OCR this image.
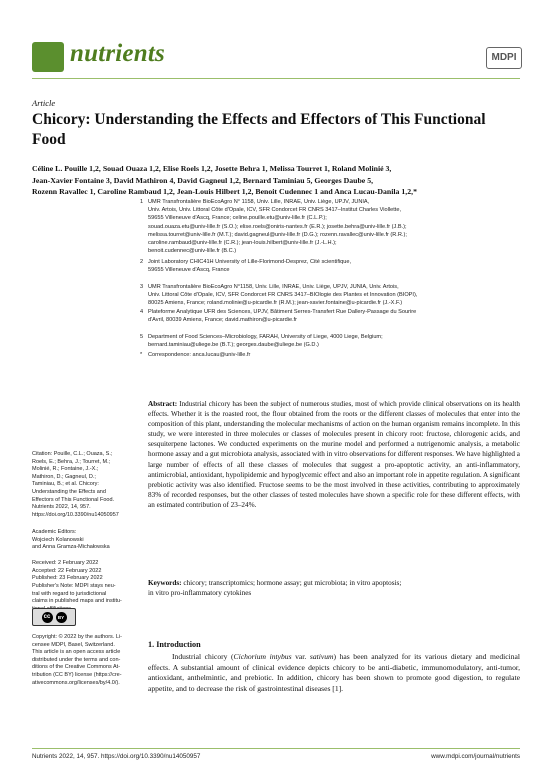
nutrients	MDPI
Article
Chicory: Understanding the Effects and Effectors of This Functional Food
Céline L. Pouille 1,2, Souad Ouaza 1,2, Elise Roels 1,2, Josette Behra 1, Melissa Tourret 1, Roland Molinié 3,
Jean-Xavier Fontaine 3, David Mathiron 4, David Gagneul 1,2, Bernard Taminiau 5, Georges Daube 5,
Rozenn Ravallec 1, Caroline Rambaud 1,2, Jean-Louis Hilbert 1,2, Benoit Cudennec 1 and Anca Lucau-Danila 1,2,*
1 UMR Transfrontalière BioEcoAgro N° 1158, Univ. Lille, INRAE, Univ. Liège, UPJV, JUNIA,
Univ. Artois, Univ. Littoral Côte d'Opale, ICV, SFR Condorcet FR CNRS 3417–Institut Charles Viollette,
59655 Villeneuve d'Ascq, France; celine.pouille.etu@univ-lille.fr (C.L.P.);
souad.ouaza.etu@univ-lille.fr (S.O.); elise.roels@oniris-nantes.fr (E.R.); josette.behra@univ-lille.fr (J.B.);
melissa.tourret@univ-lille.fr (M.T.); david.gagneul@univ-lille.fr (D.G.); rozenn.ravallec@univ-lille.fr (R.R.);
caroline.rambaud@univ-lille.fr (C.R.); jean-louis.hilbert@univ-lille.fr (J.-L.H.);
benoit.cudennec@univ-lille.fr (B.C.)
2 Joint Laboratory CHIC41H University of Lille-Florimond-Desprez, Cité scientifique,
59655 Villeneuve d'Ascq, France
3 UMR Transfrontalière BioEcoAgro N°1158, Univ. Lille, INRAE, Univ. Liège, UPJV, JUNIA, Univ. Artois,
Univ. Littoral Côte d'Opale, ICV, SFR Condorcet FR CNRS 3417–BIOlogie des Plantes et Innovation (BIOPI),
80025 Amiens, France; roland.molinie@u-picardie.fr (R.M.); jean-xavier.fontaine@u-picardie.fr (J.-X.F.)
4 Plateforme Analytique UFR des Sciences, UPJV, Bâtiment Serres-Transfert Rue Dallery-Passage du Sourire
d'Avril, 80039 Amiens, France; david.mathiron@u-picardie.fr
5 Department of Food Sciences–Microbiology, FARAH, University of Liege, 4000 Liege, Belgium;
bernard.taminiau@uliege.be (B.T.); georges.daube@uliege.be (G.D.)
* Correspondence: anca.lucau@univ-lille.fr
Citation: Pouille, C.L.; Ouaza, S.;
Roels, E.; Behra, J.; Tourret, M.;
Molinié, R.; Fontaine, J.-X.;
Mathiron, D.; Gagneul, D.;
Taminiau, B.; et al. Chicory:
Understanding the Effects and
Effectors of This Functional Food.
Nutrients 2022, 14, 957.
https://doi.org/10.3390/nu14050957
Academic Editors:
Wojciech Kolanowski
and Anna Gramza-Michałowska
Received: 2 February 2022
Accepted: 22 February 2022
Published: 23 February 2022
Publisher's Note: MDPI stays neu-
tral with regard to jurisdictional
claims in published maps and institu-
cc	BY
Copyright: © 2022 by the authors. Li-
censee MDPI, Basel, Switzerland.
This article is an open access article
distributed under the terms and con-
ditions of the Creative Commons At-
tribution (CC BY) license (https://cre-
ativecommons.org/licenses/by/4.0/).
Abstract: Industrial chicory has been the subject of numerous studies, most of which provide clinical observations on its health effects. Whether it is the roasted root, the flour obtained from the roots or the different classes of molecules that enter into the composition of this plant, understanding the molecular mechanisms of action on the human organism remains incomplete. In this study, we were interested in three molecules or classes of molecules present in chicory root: fructose, chlorogenic acids, and sesquiterpene lactones. We conducted experiments on the murine model and performed a nutrigenomic analysis, a metabolic hormone assay and a gut microbiota analysis, associated with in vitro observations for different responses. We have highlighted a large number of effects of all these classes of molecules that suggest a pro-apoptotic activity, an anti-inflammatory, antimicrobial, antioxidant, hypolipidemic and hypoglycemic effect and also an important role in appetite regulation. A significant prebiotic activity was also identified. Fructose seems to be the most involved in these activities, contributing to approximately 83% of recorded responses, but the other classes of tested molecules have shown a specific role for these different effects, with an estimated contribution of 23–24%.
Keywords: chicory; transcriptomics; hormone assay; gut microbiota; in vitro apoptosis;
in vitro pro-inflammatory cytokines
1. Introduction
Industrial chicory (Cichorium intybus var. sativum) has been analyzed for its various dietary and medicinal effects. A substantial amount of clinical evidence depicts chicory to be anti-diabetic, immunomodulatory, anti-tumor, antioxidant, anthelmintic, and prebiotic. In addition, chicory has been shown to promote good digestion, to regulate appetite, and to decrease the risk of gastrointestinal diseases [1].
Nutrients 2022, 14, 957. https://doi.org/10.3390/nu14050957	www.mdpi.com/journal/nutrients
